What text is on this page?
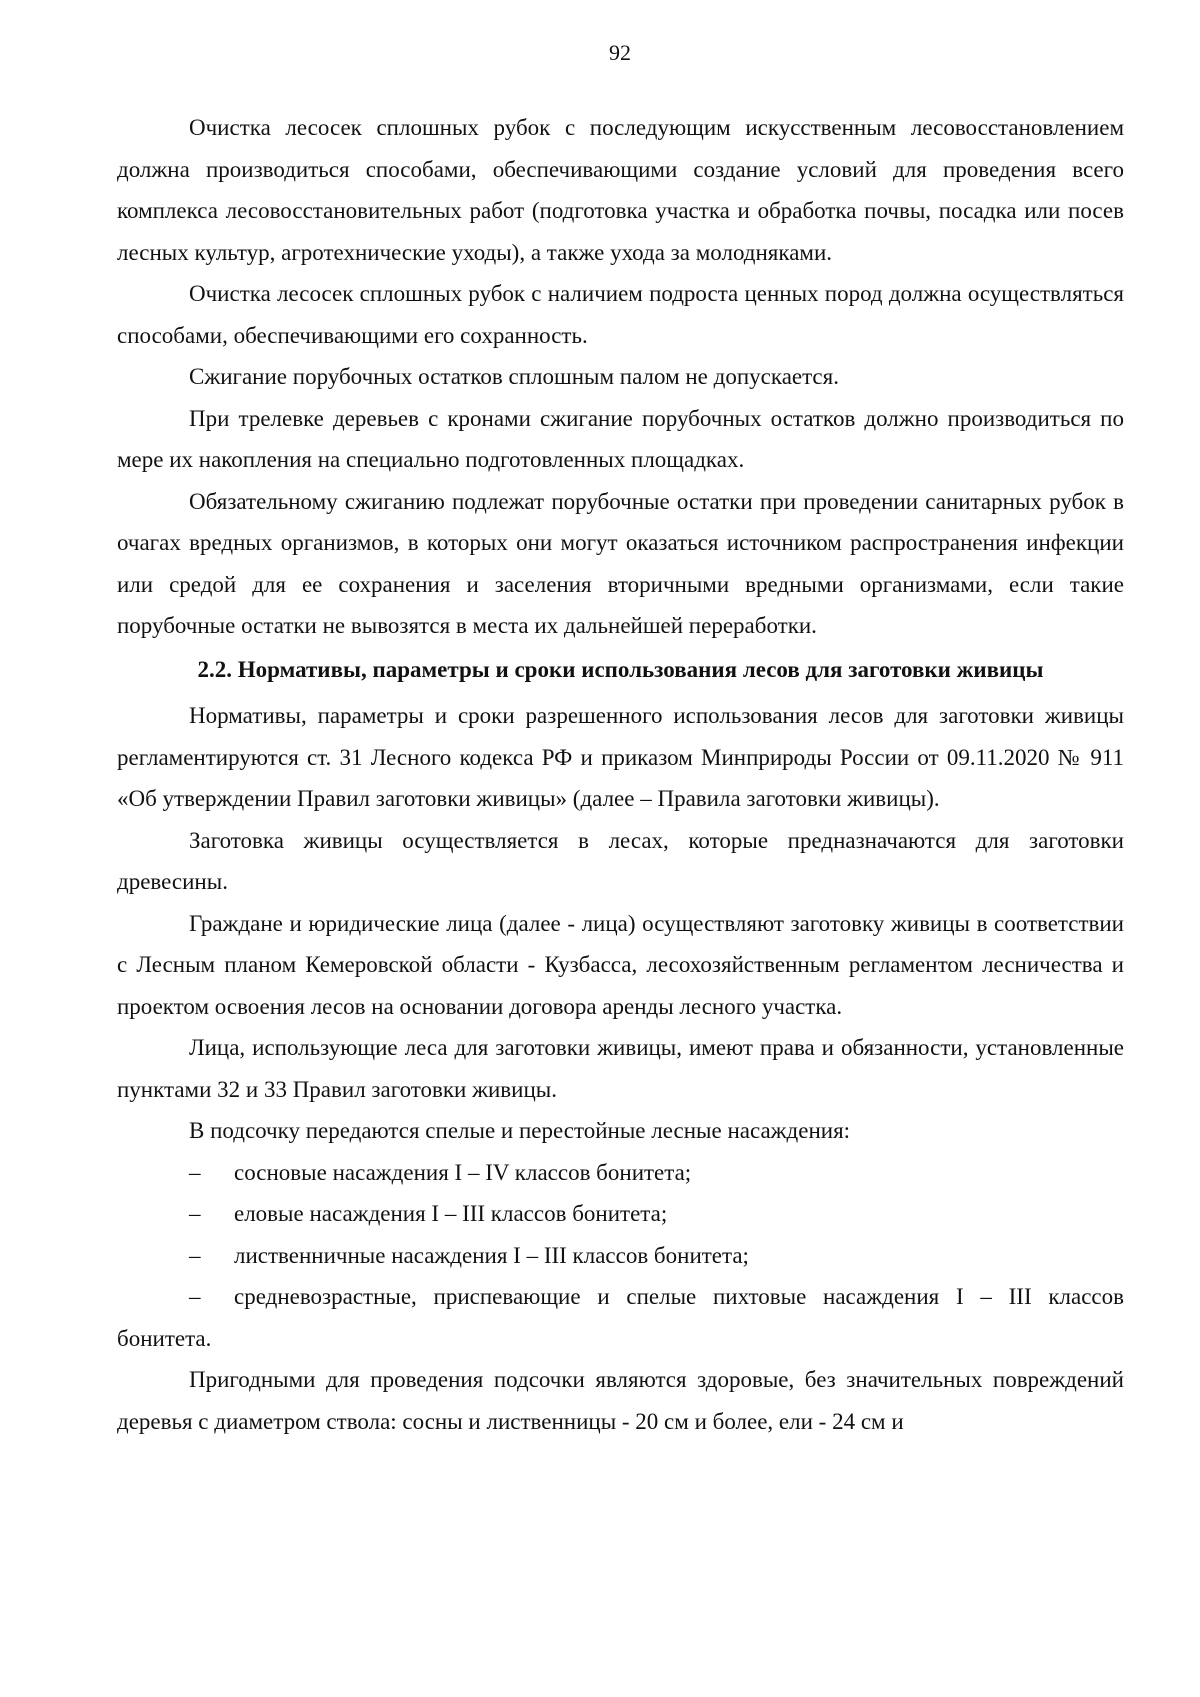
92

Очистка лесосек сплошных рубок с последующим искусственным лесовосстановлением должна производиться способами, обеспечивающими создание условий для проведения всего комплекса лесовосстановительных работ (подготовка участка и обработка почвы, посадка или посев лесных культур, агротехнические уходы), а также ухода за молодняками.

Очистка лесосек сплошных рубок с наличием подроста ценных пород должна осуществляться способами, обеспечивающими его сохранность.

Сжигание порубочных остатков сплошным палом не допускается.

При трелевке деревьев с кронами сжигание порубочных остатков должно производиться по мере их накопления на специально подготовленных площадках.

Обязательному сжиганию подлежат порубочные остатки при проведении санитарных рубок в очагах вредных организмов, в которых они могут оказаться источником распространения инфекции или средой для ее сохранения и заселения вторичными вредными организмами, если такие порубочные остатки не вывозятся в места их дальнейшей переработки.

2.2. Нормативы, параметры и сроки использования лесов для заготовки живицы

Нормативы, параметры и сроки разрешенного использования лесов для заготовки живицы регламентируются ст. 31 Лесного кодекса РФ и приказом Минприроды России от 09.11.2020 № 911 «Об утверждении Правил заготовки живицы» (далее – Правила заготовки живицы).

Заготовка живицы осуществляется в лесах, которые предназначаются для заготовки древесины.

Граждане и юридические лица (далее - лица) осуществляют заготовку живицы в соответствии с Лесным планом Кемеровской области - Кузбасса, лесохозяйственным регламентом лесничества и проектом освоения лесов на основании договора аренды лесного участка.

Лица, использующие леса для заготовки живицы, имеют права и обязанности, установленные пунктами 32 и 33 Правил заготовки живицы.

В подсочку передаются спелые и перестойные лесные насаждения:

– сосновые насаждения I – IV классов бонитета;

– еловые насаждения I – III классов бонитета;

– лиственничные насаждения I – III классов бонитета;

– средневозрастные, приспевающие и спелые пихтовые насаждения I – III классов бонитета.

Пригодными для проведения подсочки являются здоровые, без значительных повреждений деревья с диаметром ствола: сосны и лиственницы - 20 см и более, ели - 24 см и
